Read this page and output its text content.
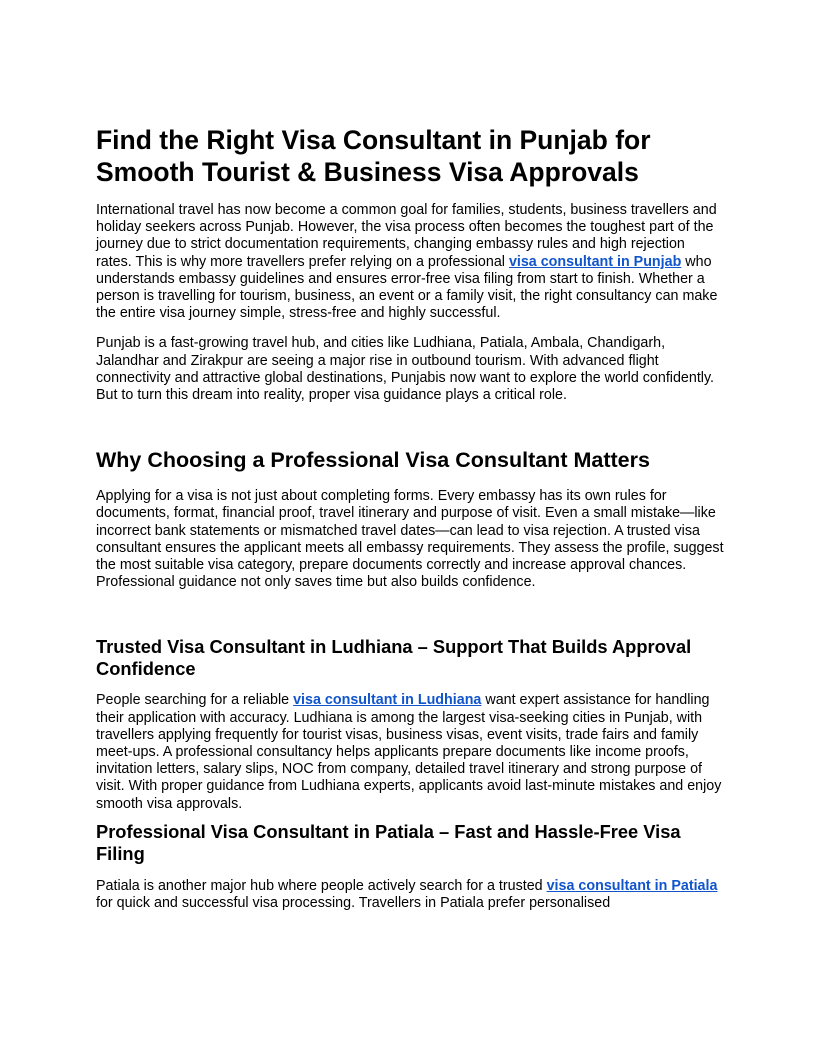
Find the Right Visa Consultant in Punjab for Smooth Tourist & Business Visa Approvals

International travel has now become a common goal for families, students, business travellers and holiday seekers across Punjab. However, the visa process often becomes the toughest part of the journey due to strict documentation requirements, changing embassy rules and high rejection rates. This is why more travellers prefer relying on a professional visa consultant in Punjab who understands embassy guidelines and ensures error-free visa filing from start to finish. Whether a person is travelling for tourism, business, an event or a family visit, the right consultancy can make the entire visa journey simple, stress-free and highly successful.

Punjab is a fast-growing travel hub, and cities like Ludhiana, Patiala, Ambala, Chandigarh, Jalandhar and Zirakpur are seeing a major rise in outbound tourism. With advanced flight connectivity and attractive global destinations, Punjabis now want to explore the world confidently. But to turn this dream into reality, proper visa guidance plays a critical role.

Why Choosing a Professional Visa Consultant Matters

Applying for a visa is not just about completing forms. Every embassy has its own rules for documents, format, financial proof, travel itinerary and purpose of visit. Even a small mistake—like incorrect bank statements or mismatched travel dates—can lead to visa rejection. A trusted visa consultant ensures the applicant meets all embassy requirements. They assess the profile, suggest the most suitable visa category, prepare documents correctly and increase approval chances. Professional guidance not only saves time but also builds confidence.

Trusted Visa Consultant in Ludhiana – Support That Builds Approval Confidence

People searching for a reliable visa consultant in Ludhiana want expert assistance for handling their application with accuracy. Ludhiana is among the largest visa-seeking cities in Punjab, with travellers applying frequently for tourist visas, business visas, event visits, trade fairs and family meet-ups. A professional consultancy helps applicants prepare documents like income proofs, invitation letters, salary slips, NOC from company, detailed travel itinerary and strong purpose of visit. With proper guidance from Ludhiana experts, applicants avoid last-minute mistakes and enjoy smooth visa approvals.

Professional Visa Consultant in Patiala – Fast and Hassle-Free Visa Filing

Patiala is another major hub where people actively search for a trusted visa consultant in Patiala for quick and successful visa processing. Travellers in Patiala prefer personalised
